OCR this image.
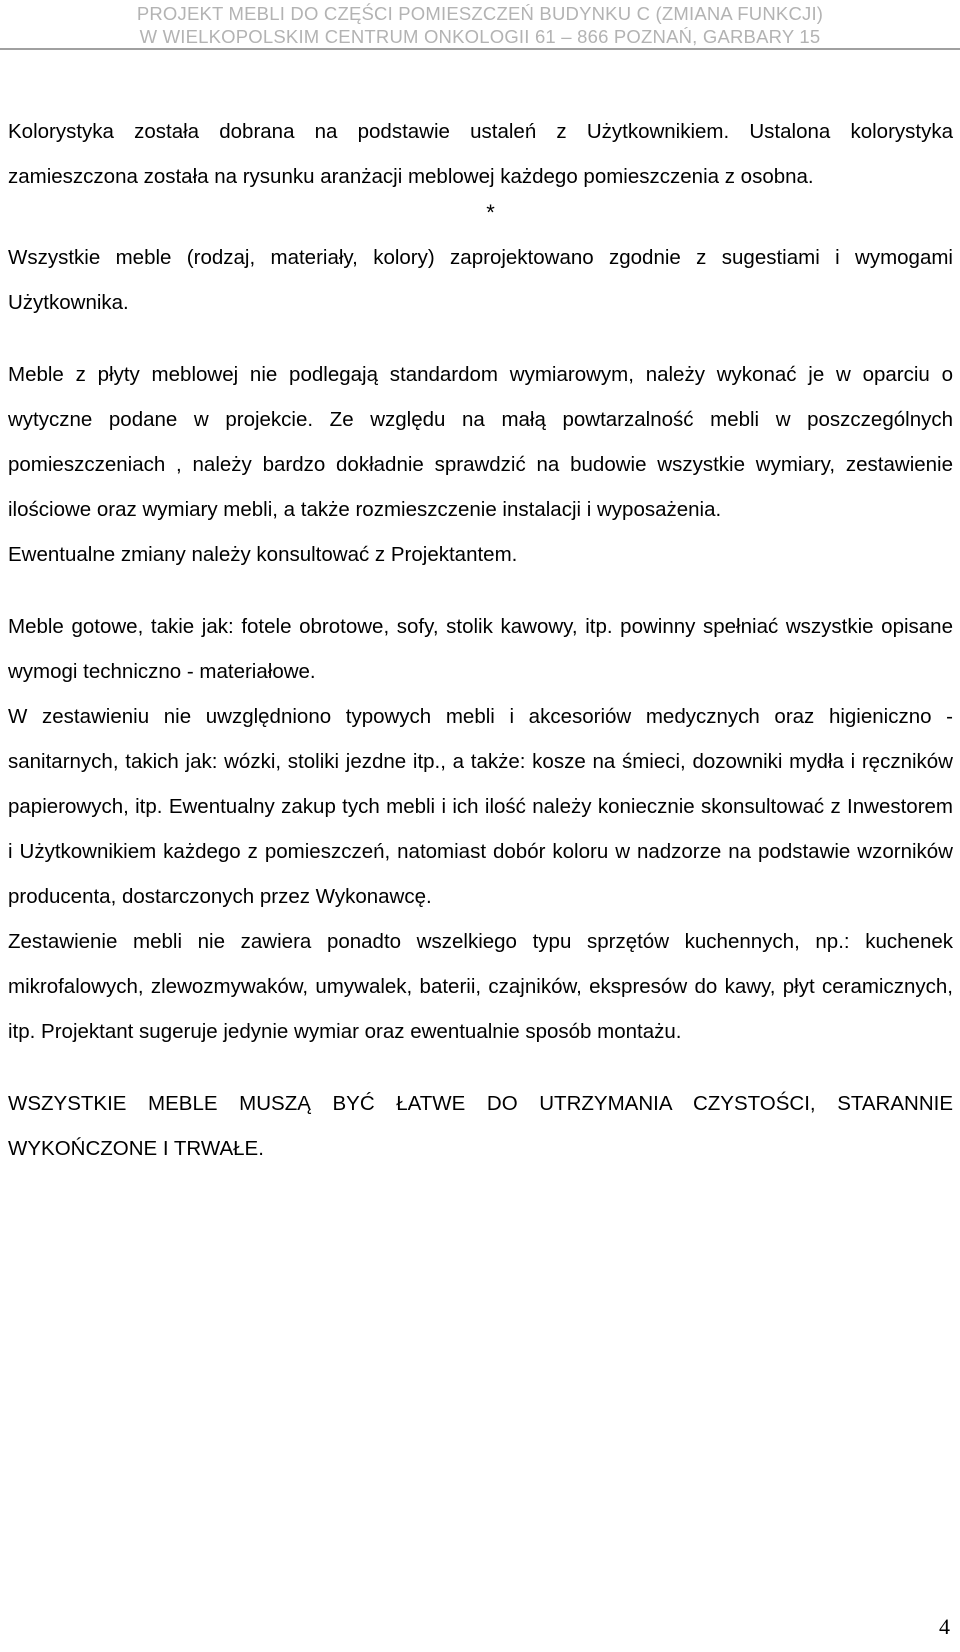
PROJEKT MEBLI DO CZĘŚCI POMIESZCZEŃ BUDYNKU C (ZMIANA FUNKCJI)
W WIELKOPOLSKIM CENTRUM ONKOLOGII 61 – 866 POZNAŃ, GARBARY 15

Kolorystyka została dobrana na podstawie ustaleń z Użytkownikiem. Ustalona kolorystyka zamieszczona została na rysunku aranżacji meblowej każdego pomieszczenia z osobna.

*

Wszystkie meble (rodzaj, materiały, kolory) zaprojektowano zgodnie z sugestiami i wymogami Użytkownika.

Meble z płyty meblowej nie podlegają standardom wymiarowym, należy wykonać je w oparciu o wytyczne podane w projekcie. Ze względu na małą powtarzalność mebli w poszczególnych pomieszczeniach , należy bardzo dokładnie sprawdzić na budowie wszystkie wymiary, zestawienie ilościowe oraz wymiary mebli, a także rozmieszczenie instalacji i wyposażenia.

Ewentualne zmiany należy konsultować z Projektantem.

Meble gotowe, takie jak: fotele obrotowe, sofy, stolik kawowy, itp. powinny spełniać wszystkie opisane wymogi techniczno - materiałowe.

W zestawieniu nie uwzględniono typowych mebli i akcesoriów medycznych oraz higieniczno - sanitarnych, takich jak: wózki, stoliki jezdne itp., a także: kosze na śmieci, dozowniki mydła i ręczników papierowych, itp. Ewentualny zakup tych mebli i ich ilość należy koniecznie skonsultować z Inwestorem i Użytkownikiem każdego z pomieszczeń, natomiast dobór koloru w nadzorze na podstawie wzorników producenta, dostarczonych przez Wykonawcę.

Zestawienie mebli nie zawiera ponadto wszelkiego typu sprzętów kuchennych, np.: kuchenek mikrofalowych, zlewozmywaków, umywalek, baterii, czajników, ekspresów do kawy, płyt ceramicznych, itp. Projektant sugeruje jedynie wymiar oraz ewentualnie sposób montażu.

WSZYSTKIE MEBLE MUSZĄ BYĆ ŁATWE DO UTRZYMANIA CZYSTOŚCI, STARANNIE WYKOŃCZONE I TRWAŁE.

4
